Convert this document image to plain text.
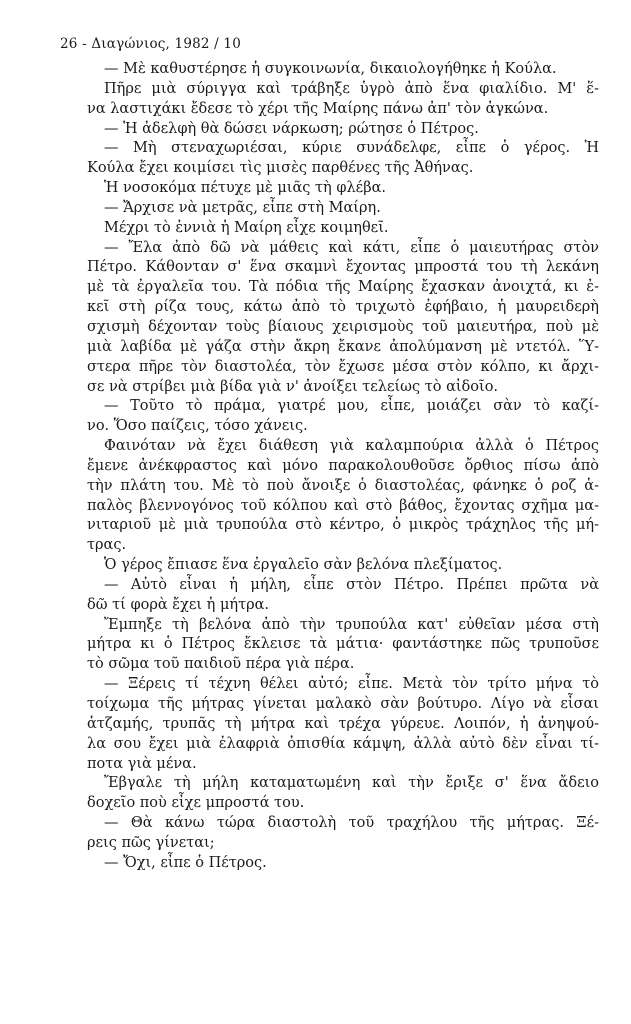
26 - Διαγώνιος, 1982 / 10
— Μὲ καθυστέρησε ἡ συγκοινωνία, δικαιολογήθηκε ἡ Κούλα.
Πῆρε μιὰ σύριγγα καὶ τράβηξε ὑγρὸ ἀπὸ ἕνα φιαλίδιο. Μ' ἕ-
να λαστιχάκι ἔδεσε τὸ χέρι τῆς Μαίρης πάνω ἀπ' τὸν ἀγκώνα.
— Ἡ ἀδελφὴ θὰ δώσει νάρκωση; ρώτησε ὁ Πέτρος.
— Μὴ στεναχωριέσαι, κύριε συνάδελφε, εἶπε ὁ γέρος. Ἡ
Κούλα ἔχει κοιμίσει τὶς μισὲς παρθένες τῆς Ἀθήνας.
Ἡ νοσοκόμα πέτυχε μὲ μιᾶς τὴ φλέβα.
— Ἄρχισε νὰ μετρᾶς, εἶπε στὴ Μαίρη.
Μέχρι τὸ ἐννιὰ ἡ Μαίρη εἶχε κοιμηθεῖ.
— Ἔλα ἀπὸ δῶ νὰ μάθεις καὶ κάτι, εἶπε ὁ μαιευτήρας στὸν
Πέτρο. Κάθονταν σ' ἕνα σκαμνὶ ἔχοντας μπροστά του τὴ λεκάνη
μὲ τὰ ἐργαλεῖα του. Τὰ πόδια τῆς Μαίρης ἔχασκαν ἀνοιχτά, κι ἐ-
κεῖ στὴ ρίζα τους, κάτω ἀπὸ τὸ τριχωτὸ ἐφήβαιο, ἡ μαυρειδερὴ
σχισμὴ δέχονταν τοὺς βίαιους χειρισμοὺς τοῦ μαιευτήρα, ποὺ μὲ
μιὰ λαβίδα μὲ γάζα στὴν ἄκρη ἔκανε ἀπολύμανση μὲ ντετόλ. Ὕ-
στερα πῆρε τὸν διαστολέα, τὸν ἔχωσε μέσα στὸν κόλπο, κι ἄρχι-
σε νὰ στρίβει μιὰ βίδα γιὰ ν' ἀνοίξει τελείως τὸ αἰδοῖο.
— Τοῦτο τὸ πράμα, γιατρέ μου, εἶπε, μοιάζει σὰν τὸ καζί-
νο. Ὅσο παίζεις, τόσο χάνεις.
Φαινόταν νὰ ἔχει διάθεση γιὰ καλαμπούρια ἀλλὰ ὁ Πέτρος
ἔμενε ἀνέκφραστος καὶ μόνο παρακολουθοῦσε ὄρθιος πίσω ἀπὸ
τὴν πλάτη του. Μὲ τὸ ποὺ ἄνοιξε ὁ διαστολέας, φάνηκε ὁ ροζ ἁ-
παλὸς βλεννογόνος τοῦ κόλπου καὶ στὸ βάθος, ἔχοντας σχῆμα μα-
νιταριοῦ μὲ μιὰ τρυπούλα στὸ κέντρο, ὁ μικρὸς τράχηλος τῆς μή-
τρας.
Ὁ γέρος ἔπιασε ἕνα ἐργαλεῖο σὰν βελόνα πλεξίματος.
— Αὐτὸ εἶναι ἡ μήλη, εἶπε στὸν Πέτρο. Πρέπει πρῶτα νὰ
δῶ τί φορὰ ἔχει ἡ μήτρα.
Ἔμπηξε τὴ βελόνα ἀπὸ τὴν τρυπούλα κατ' εὐθεῖαν μέσα στὴ
μήτρα κι ὁ Πέτρος ἔκλεισε τὰ μάτια· φαντάστηκε πῶς τρυποῦσε
τὸ σῶμα τοῦ παιδιοῦ πέρα γιὰ πέρα.
— Ξέρεις τί τέχνη θέλει αὐτό; εἶπε. Μετὰ τὸν τρίτο μήνα τὸ
τοίχωμα τῆς μήτρας γίνεται μαλακὸ σὰν βούτυρο. Λίγο νὰ εἶσαι
ἀτζαμής, τρυπᾶς τὴ μήτρα καὶ τρέχα γύρευε. Λοιπόν, ἡ ἀνηψού-
λα σου ἔχει μιὰ ἐλαφριὰ ὀπισθία κάμψη, ἀλλὰ αὐτὸ δὲν εἶναι τί-
ποτα γιὰ μένα.
Ἔβγαλε τὴ μήλη καταματωμένη καὶ τὴν ἔριξε σ' ἕνα ἄδειο
δοχεῖο ποὺ εἶχε μπροστά του.
— Θὰ κάνω τώρα διαστολὴ τοῦ τραχήλου τῆς μήτρας. Ξέ-
ρεις πῶς γίνεται;
— Ὄχι, εἶπε ὁ Πέτρος.
